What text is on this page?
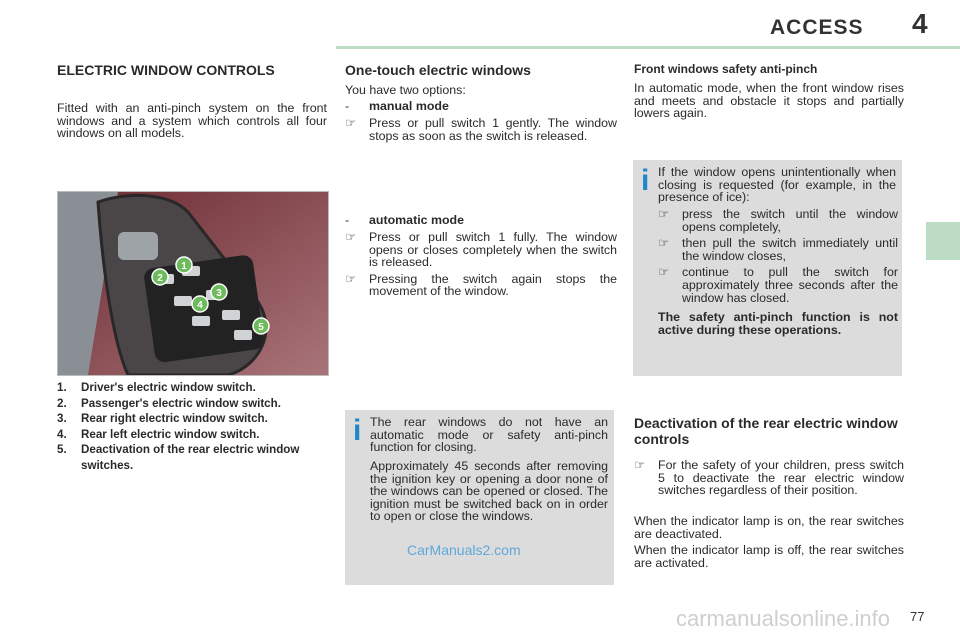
ACCESS 4
ELECTRIC WINDOW CONTROLS

Fitted with an anti-pinch system on the front windows and a system which controls all four windows on all models.

1
2
3
4
5
1.	Driver's electric window switch.
2.	Passenger's electric window switch.
3.	Rear right electric window switch.
4.	Rear left electric window switch.
5.	Deactivation of the rear electric window switches.
One-touch electric windows

You have two options:

-	manual mode
☞	Press or pull switch 1 gently. The window stops as soon as the switch is released.
-	automatic mode
☞	Press or pull switch 1 fully. The window opens or closes completely when the switch is released.
☞	Pressing the switch again stops the movement of the window.
i The rear windows do not have an automatic mode or safety anti-pinch function for closing.

Approximately 45 seconds after removing the ignition key or opening a door none of the windows can be opened or closed. The ignition must be switched back on in order to open or close the windows.

CarManuals2.com
Front windows safety anti-pinch

In automatic mode, when the front window rises and meets and obstacle it stops and partially lowers again.

i If the window opens unintentionally when closing is requested (for example, in the presence of ice):

☞	press the switch until the window opens completely,
☞	then pull the switch immediately until the window closes,
☞	continue to pull the switch for approximately three seconds after the window has closed.

The safety anti-pinch function is not active during these operations.

Deactivation of the rear electric window controls
☞	For the safety of your children, press switch 5 to deactivate the rear electric window switches regardless of their position.

When the indicator lamp is on, the rear switches are deactivated.

When the indicator lamp is off, the rear switches are activated.

carmanualsonline.info 77
